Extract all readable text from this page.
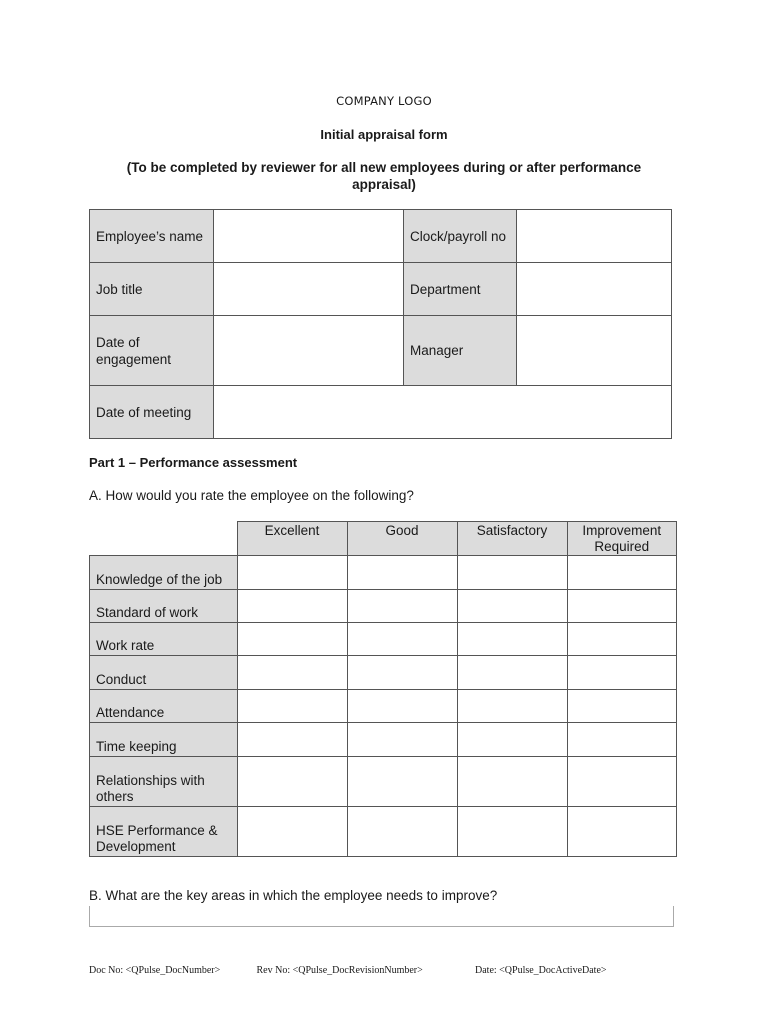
COMPANY LOGO
Initial appraisal form
(To be completed by reviewer for all new employees during or after performance appraisal)
Employee’s name		Clock/payroll no	
Job title		Department	
Date of engagement		Manager	
Date of meeting			
Part 1 – Performance assessment
A. How would you rate the employee on the following?
	Excellent	Good	Satisfactory	Improvement Required
Knowledge of the job				
Standard of work				
Work rate				
Conduct				
Attendance				
Time keeping				
Relationships with others				
HSE Performance & Development				
B. What are the key areas in which the employee needs to improve?
Doc No: <QPulse_DocNumber>	Rev No: <QPulse_DocRevisionNumber>	Date: <QPulse_DocActiveDate>
